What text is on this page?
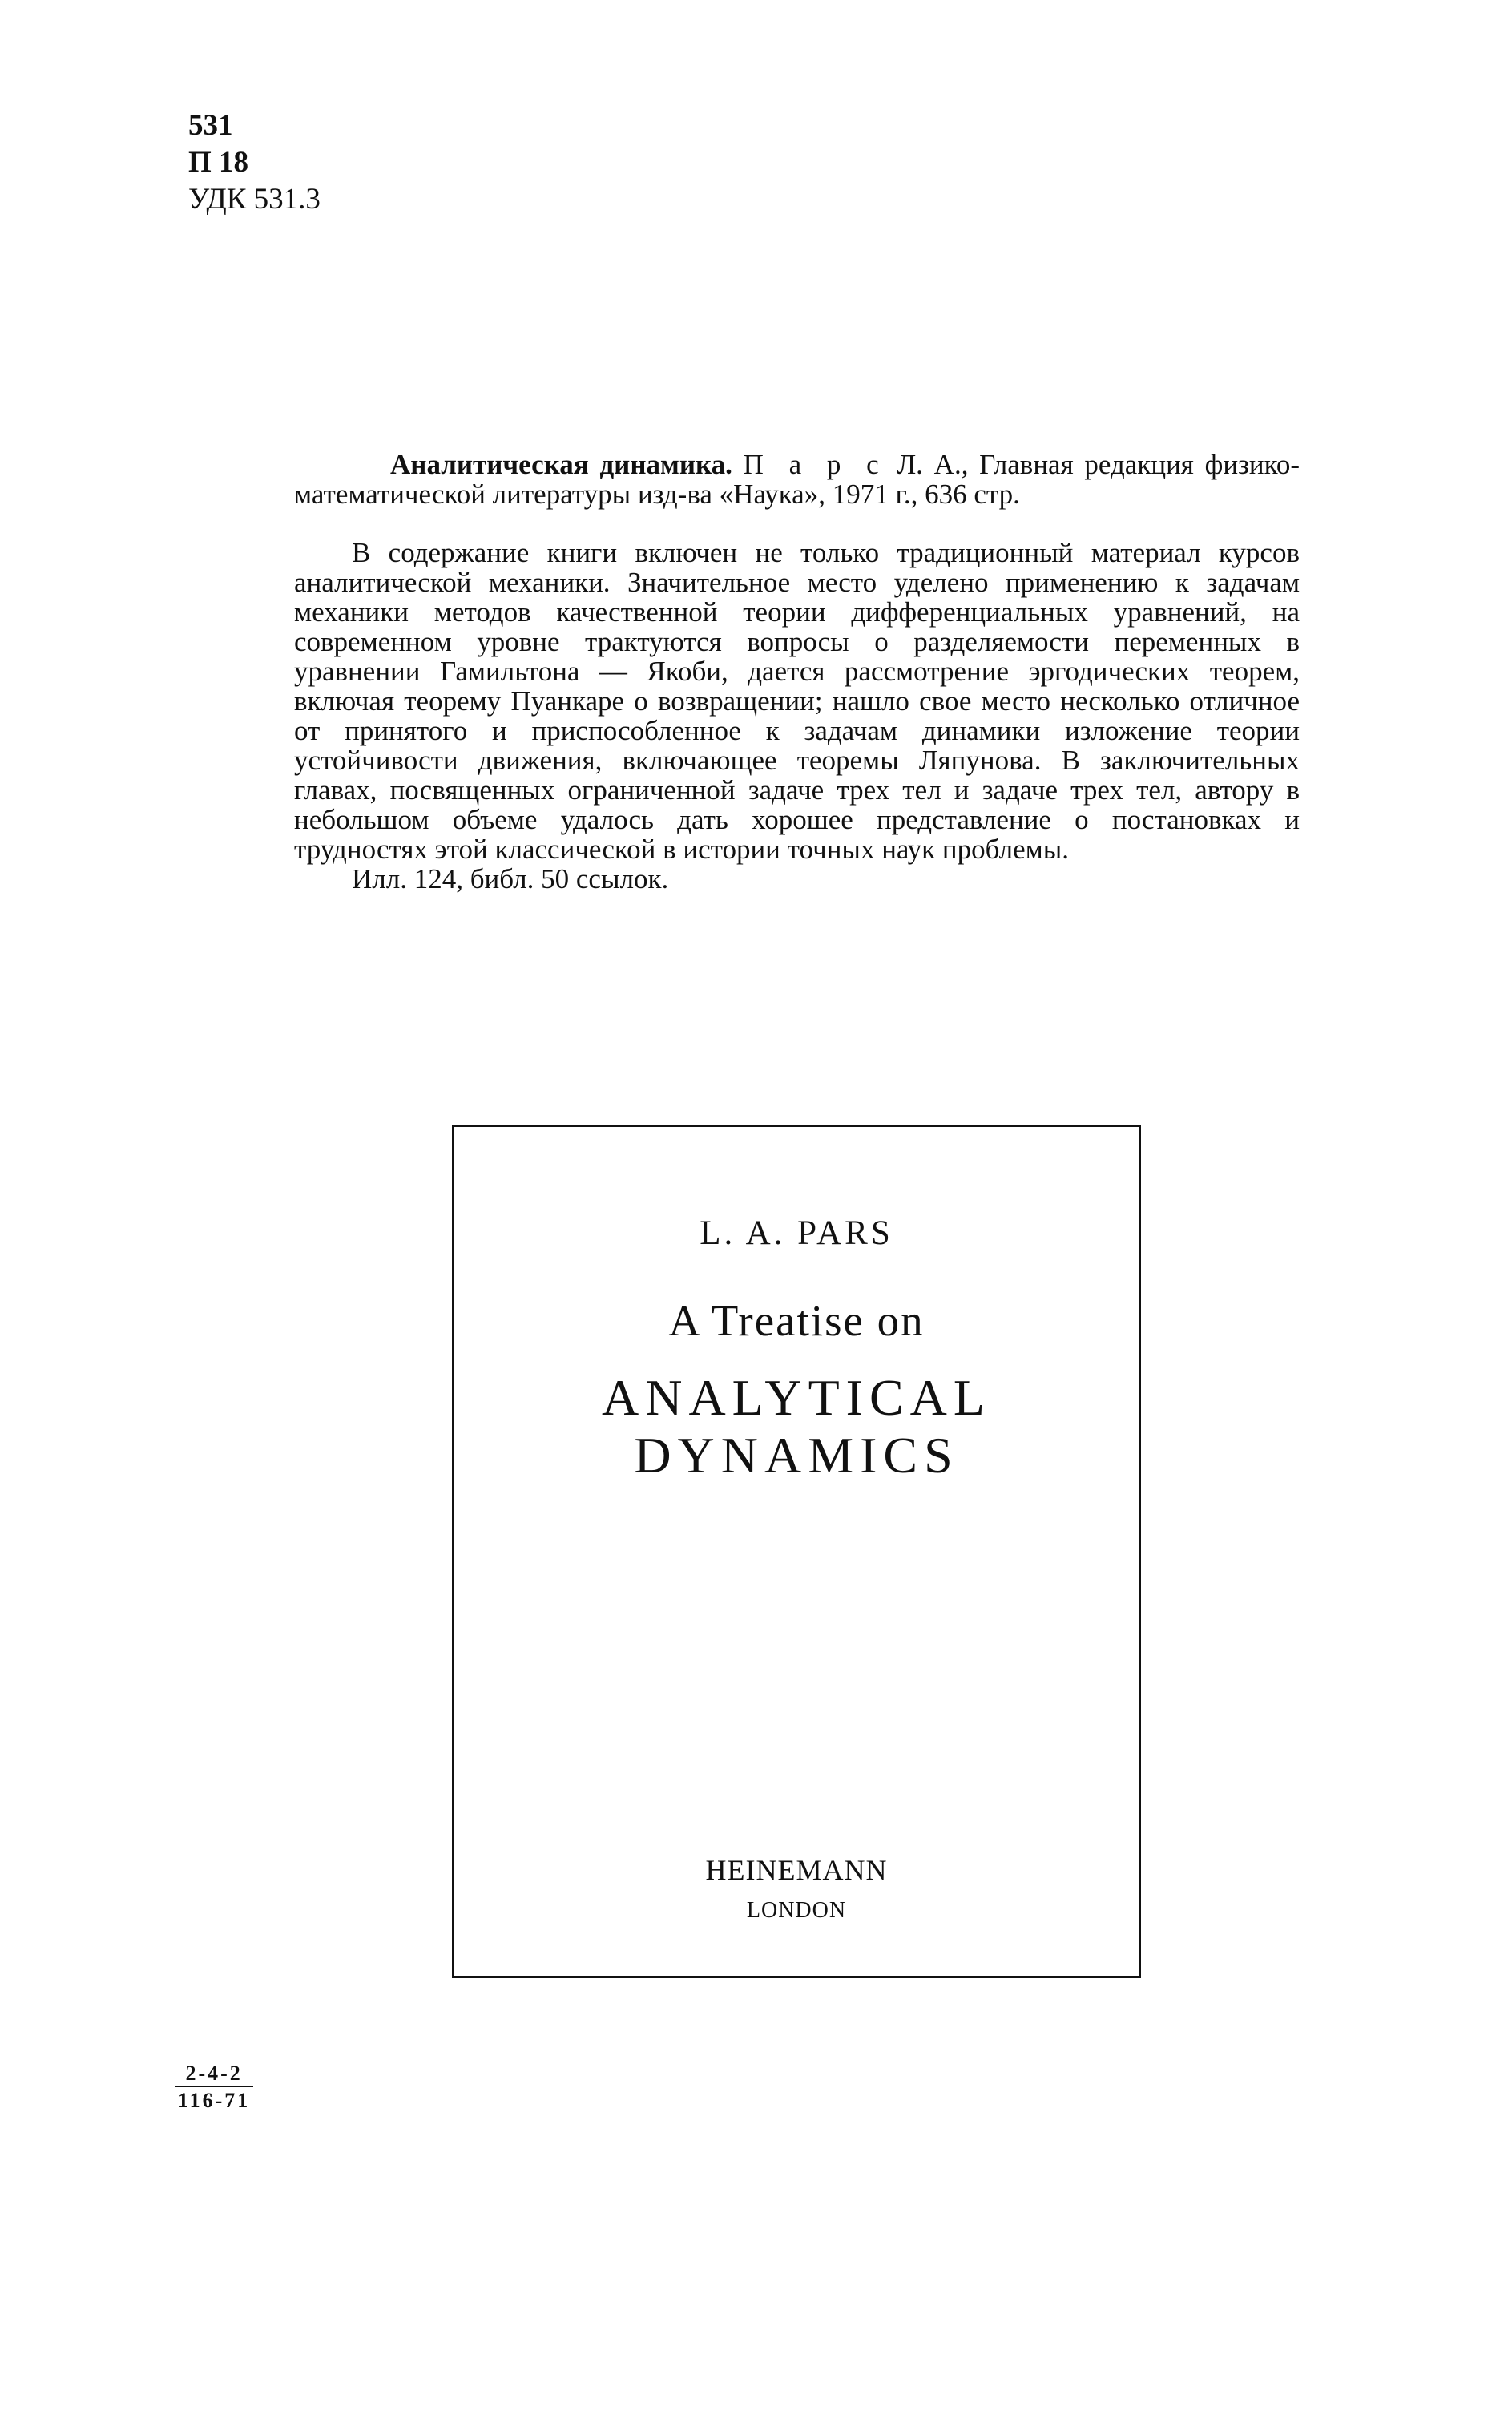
531
П 18
УДК 531.3

Аналитическая динамика. П а р с Л. А., Главная редакция физико-математической литературы изд-ва «Наука», 1971 г., 636 стр.

В содержание книги включен не только традиционный материал курсов аналитической механики. Значительное место уделено применению к задачам механики методов качественной теории дифференциальных уравнений, на современном уровне трактуются вопросы о разделяемости переменных в уравнении Гамильтона — Якоби, дается рассмотрение эргодических теорем, включая теорему Пуанкаре о возвращении; нашло свое место несколько отличное от принятого и приспособленное к задачам динамики изложение теории устойчивости движения, включающее теоремы Ляпунова. В заключительных главах, посвященных ограниченной задаче трех тел и задаче трех тел, автору в небольшом объеме удалось дать хорошее представление о постановках и трудностях этой классической в истории точных наук проблемы.

Илл. 124, библ. 50 ссылок.

L. A. PARS
A Treatise on
ANALYTICAL
DYNAMICS
HEINEMANN
LONDON
$\frac{2-4-2}{116-71}$
